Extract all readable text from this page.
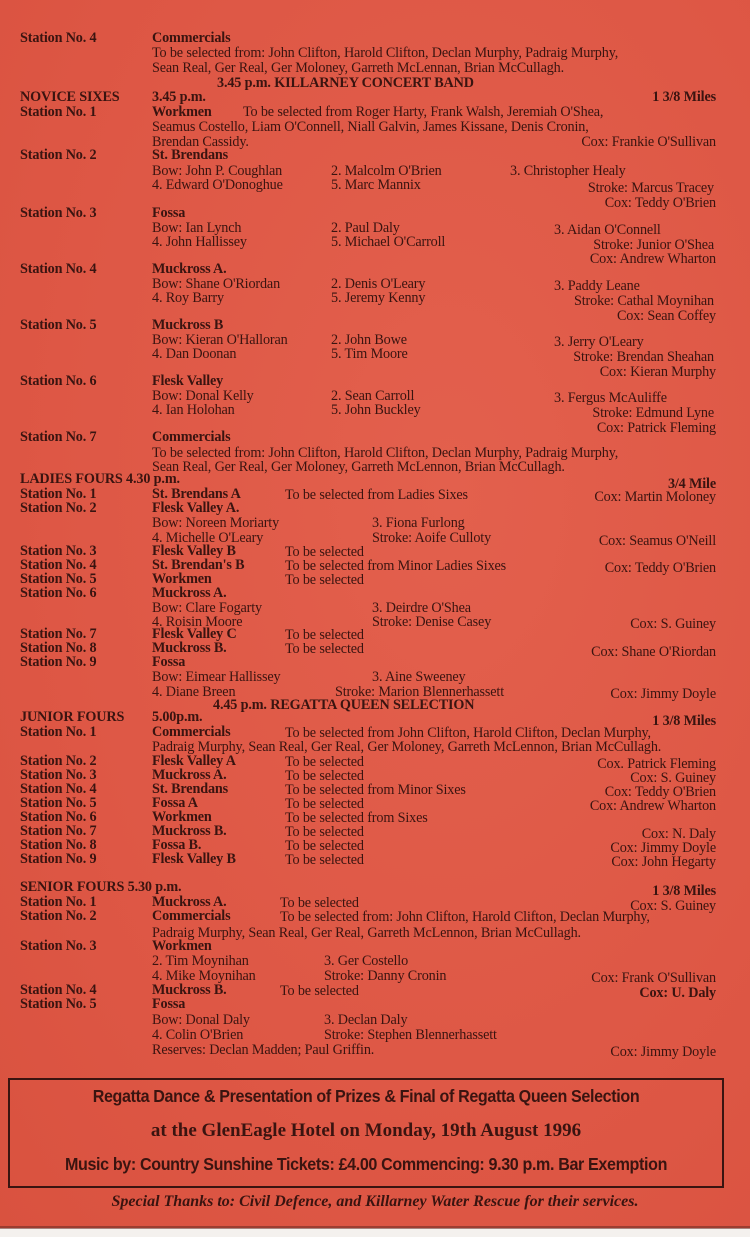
Station No. 4	Commercials
To be selected from: John Clifton, Harold Clifton, Declan Murphy, Padraig Murphy,
Sean Real, Ger Real, Ger Moloney, Garreth McLennan, Brian McCullagh.
3.45 p.m. KILLARNEY CONCERT BAND
NOVICE SIXES 3.45 p.m.	1 3/8 Miles
Station No. 1	Workmen To be selected from Roger Harty, Frank Walsh, Jeremiah O'Shea,
Seamus Costello, Liam O'Connell, Niall Galvin, James Kissane, Denis Cronin,
Brendan Cassidy.	Cox: Frankie O'Sullivan
Station No. 2	St. Brendans
Bow: John P. Coughlan	2. Malcolm O'Brien	3. Christopher Healy
4. Edward O'Donoghue	5. Marc Mannix	Stroke: Marcus Tracey
Cox: Teddy O'Brien
Station No. 3	Fossa
Bow: Ian Lynch	2. Paul Daly	3. Aidan O'Connell
4. John Hallissey	5. Michael O'Carroll	Stroke: Junior O'Shea
Cox: Andrew Wharton
Station No. 4	Muckross A.
Bow: Shane O'Riordan	2. Denis O'Leary	3. Paddy Leane
4. Roy Barry	5. Jeremy Kenny	Stroke: Cathal Moynihan
Cox: Sean Coffey
Station No. 5	Muckross B
Bow: Kieran O'Halloran	2. John Bowe	3. Jerry O'Leary
4. Dan Doonan	5. Tim Moore	Stroke: Brendan Sheahan
Cox: Kieran Murphy
Station No. 6	Flesk Valley
Bow: Donal Kelly	2. Sean Carroll	3. Fergus McAuliffe
4. Ian Holohan	5. John Buckley	Stroke: Edmund Lyne
Cox: Patrick Fleming
Station No. 7	Commercials
To be selected from: John Clifton, Harold Clifton, Declan Murphy, Padraig Murphy,
Sean Real, Ger Real, Ger Moloney, Garreth McLennon, Brian McCullagh.
LADIES FOURS 4.30 p.m.	3/4 Mile
Station No. 1	St. Brendans A	To be selected from Ladies Sixes	Cox: Martin Moloney
Station No. 2	Flesk Valley A.
Bow: Noreen Moriarty	3. Fiona Furlong
4. Michelle O'Leary	Stroke: Aoife Culloty	Cox: Seamus O'Neill
Station No. 3	Flesk Valley B	To be selected
Station No. 4	St. Brendan's B	To be selected from Minor Ladies Sixes	Cox: Teddy O'Brien
Station No. 5	Workmen	To be selected
Station No. 6	Muckross A.
Bow: Clare Fogarty	3. Deirdre O'Shea
4. Roisin Moore	Stroke: Denise Casey	Cox: S. Guiney
Station No. 7	Flesk Valley C	To be selected
Station No. 8	Muckross B.	To be selected	Cox: Shane O'Riordan
Station No. 9	Fossa
Bow: Eimear Hallissey	3. Aine Sweeney
4. Diane Breen	Stroke: Marion Blennerhassett	Cox: Jimmy Doyle
4.45 p.m. REGATTA QUEEN SELECTION
JUNIOR FOURS 5.00p.m.	1 3/8 Miles
Station No. 1	Commercials	To be selected from John Clifton, Harold Clifton, Declan Murphy,
Padraig Murphy, Sean Real, Ger Real, Ger Moloney, Garreth McLennon, Brian McCullagh.
Station No. 2	Flesk Valley A	To be selected	Cox. Patrick Fleming
Station No. 3	Muckross A.	To be selected	Cox: S. Guiney
Station No. 4	St. Brendans	To be selected from Minor Sixes	Cox: Teddy O'Brien
Station No. 5	Fossa A	To be selected	Cox: Andrew Wharton
Station No. 6	Workmen	To be selected from Sixes
Station No. 7	Muckross B.	To be selected	Cox: N. Daly
Station No. 8	Fossa B.	To be selected	Cox: Jimmy Doyle
Station No. 9	Flesk Valley B	To be selected	Cox: John Hegarty
SENIOR FOURS 5.30 p.m.	1 3/8 Miles
Station No. 1	Muckross A.	To be selected	Cox: S. Guiney
Station No. 2	Commercials	To be selected from: John Clifton, Harold Clifton, Declan Murphy,
Padraig Murphy, Sean Real, Ger Real, Garreth McLennon, Brian McCullagh.
Station No. 3	Workmen
2. Tim Moynihan	3. Ger Costello
4. Mike Moynihan	Stroke: Danny Cronin	Cox: Frank O'Sullivan
Station No. 4	Muckross B.	To be selected	Cox: U. Daly
Station No. 5	Fossa
Bow: Donal Daly	3. Declan Daly
4. Colin O'Brien	Stroke: Stephen Blennerhassett
Reserves: Declan Madden; Paul Griffin.	Cox: Jimmy Doyle
Regatta Dance & Presentation of Prizes & Final of Regatta Queen Selection
at the GlenEagle Hotel on Monday, 19th August 1996
Music by: Country Sunshine Tickets: £4.00 Commencing: 9.30 p.m. Bar Exemption
Special Thanks to: Civil Defence, and Killarney Water Rescue for their services.
